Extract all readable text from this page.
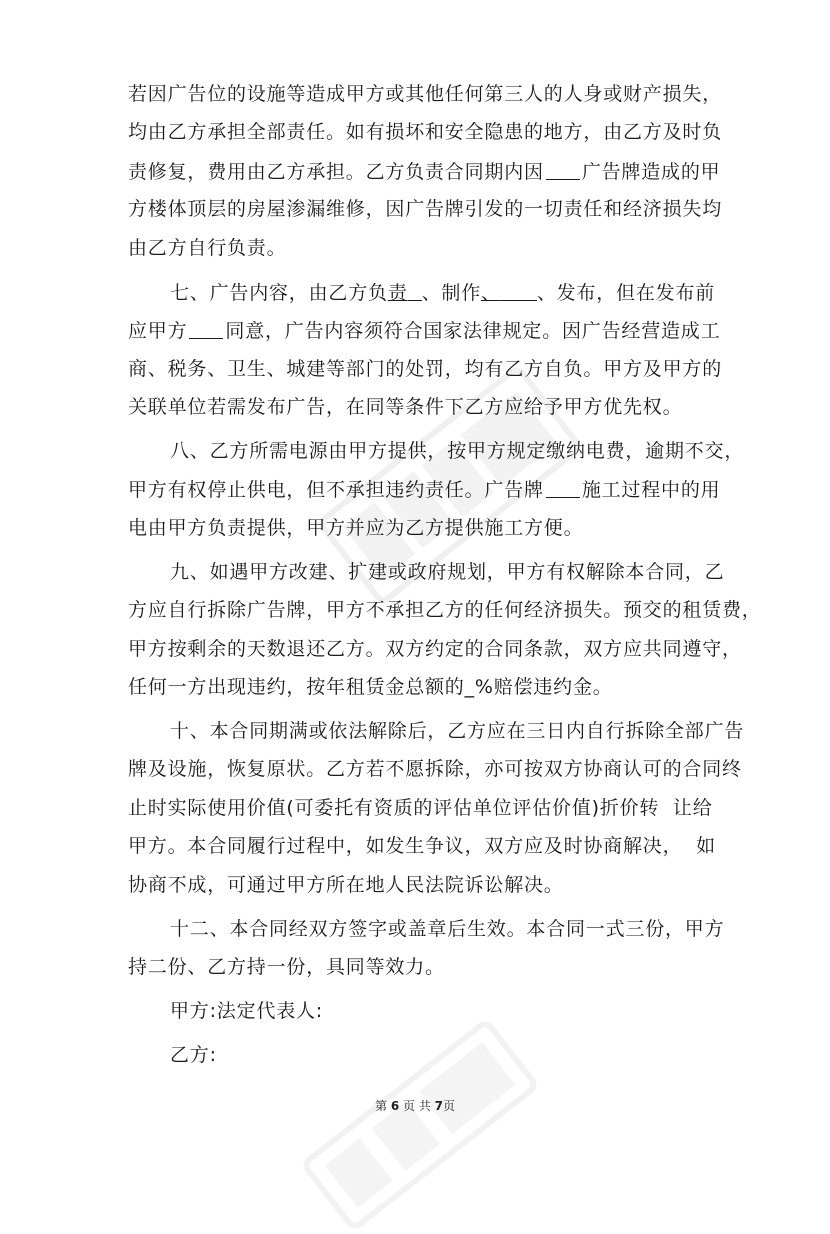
若因广告位的设施等造成甲方或其他任何第三人的人身或财产损失，
均由乙方承担全部责任。如有损坏和安全隐患的地方，由乙方及时负
责修复，费用由乙方承担。乙方负责合同期内因 广告牌造成的甲
方楼体顶层的房屋渗漏维修，因广告牌引发的一切责任和经济损失均
由乙方自行负责。
七、广告内容，由乙方负责 、制作、 、发布，但在发布前
应甲方 同意，广告内容须符合国家法律规定。因广告经营造成工
商、税务、卫生、城建等部门的处罚，均有乙方自负。甲方及甲方的
关联单位若需发布广告，在同等条件下乙方应给予甲方优先权。
八、乙方所需电源由甲方提供，按甲方规定缴纳电费，逾期不交，
甲方有权停止供电，但不承担违约责任。广告牌 施工过程中的用
电由甲方负责提供，甲方并应为乙方提供施工方便。
九、如遇甲方改建、扩建或政府规划，甲方有权解除本合同，乙
方应自行拆除广告牌，甲方不承担乙方的任何经济损失。预交的租赁费，
甲方按剩余的天数退还乙方。双方约定的合同条款，双方应共同遵守，
任何一方出现违约，按年租赁金总额的_%赔偿违约金。
十、本合同期满或依法解除后，乙方应在三日内自行拆除全部广告
牌及设施，恢复原状。乙方若不愿拆除，亦可按双方协商认可的合同终
止时实际使用价值(可委托有资质的评估单位评估价值)折价转  让给
甲方。本合同履行过程中，如发生争议，双方应及时协商解决，  如
协商不成，可通过甲方所在地人民法院诉讼解决。
十二、本合同经双方签字或盖章后生效。本合同一式三份，甲方
持二份、乙方持一份，具同等效力。
甲方:法定代表人:
乙方:
第 6 页 共 7页
